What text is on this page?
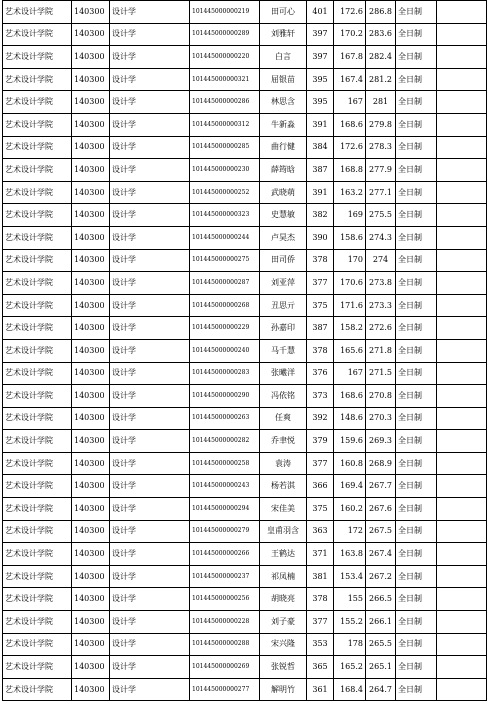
艺术设计学院	140300	设计学	101445000000219	田可心	401	172.6	286.8	全日制	
艺术设计学院	140300	设计学	101445000000289	刘雅轩	397	170.2	283.6	全日制	
艺术设计学院	140300	设计学	101445000000220	白言	397	167.8	282.4	全日制	
艺术设计学院	140300	设计学	101445000000321	屈银苗	395	167.4	281.2	全日制	
艺术设计学院	140300	设计学	101445000000286	林思含	395	167	281	全日制	
艺术设计学院	140300	设计学	101445000000312	牛新淼	391	168.6	279.8	全日制	
艺术设计学院	140300	设计学	101445000000285	曲行健	384	172.6	278.3	全日制	
艺术设计学院	140300	设计学	101445000000230	薛筠晗	387	168.8	277.9	全日制	
艺术设计学院	140300	设计学	101445000000252	武晓萌	391	163.2	277.1	全日制	
艺术设计学院	140300	设计学	101445000000323	史慧敏	382	169	275.5	全日制	
艺术设计学院	140300	设计学	101445000000244	卢昊杰	390	158.6	274.3	全日制	
艺术设计学院	140300	设计学	101445000000275	田司侨	378	170	274	全日制	
艺术设计学院	140300	设计学	101445000000287	刘亚萍	377	170.6	273.8	全日制	
艺术设计学院	140300	设计学	101445000000268	丑思亓	375	171.6	273.3	全日制	
艺术设计学院	140300	设计学	101445000000229	孙嘉印	387	158.2	272.6	全日制	
艺术设计学院	140300	设计学	101445000000240	马千慧	378	165.6	271.8	全日制	
艺术设计学院	140300	设计学	101445000000283	张曦洋	376	167	271.5	全日制	
艺术设计学院	140300	设计学	101445000000290	冯依铭	373	168.6	270.8	全日制	
艺术设计学院	140300	设计学	101445000000263	任爽	392	148.6	270.3	全日制	
艺术设计学院	140300	设计学	101445000000282	乔聿悦	379	159.6	269.3	全日制	
艺术设计学院	140300	设计学	101445000000258	袁涛	377	160.8	268.9	全日制	
艺术设计学院	140300	设计学	101445000000243	杨若淇	366	169.4	267.7	全日制	
艺术设计学院	140300	设计学	101445000000294	宋佳美	375	160.2	267.6	全日制	
艺术设计学院	140300	设计学	101445000000279	皇甫羽含	363	172	267.5	全日制	
艺术设计学院	140300	设计学	101445000000266	王鹤达	371	163.8	267.4	全日制	
艺术设计学院	140300	设计学	101445000000237	祁凤楠	381	153.4	267.2	全日制	
艺术设计学院	140300	设计学	101445000000256	胡晓亮	378	155	266.5	全日制	
艺术设计学院	140300	设计学	101445000000228	刘子豪	377	155.2	266.1	全日制	
艺术设计学院	140300	设计学	101445000000288	宋兴隆	353	178	265.5	全日制	
艺术设计学院	140300	设计学	101445000000269	张锐哲	365	165.2	265.1	全日制	
艺术设计学院	140300	设计学	101445000000277	解明竹	361	168.4	264.7	全日制	
